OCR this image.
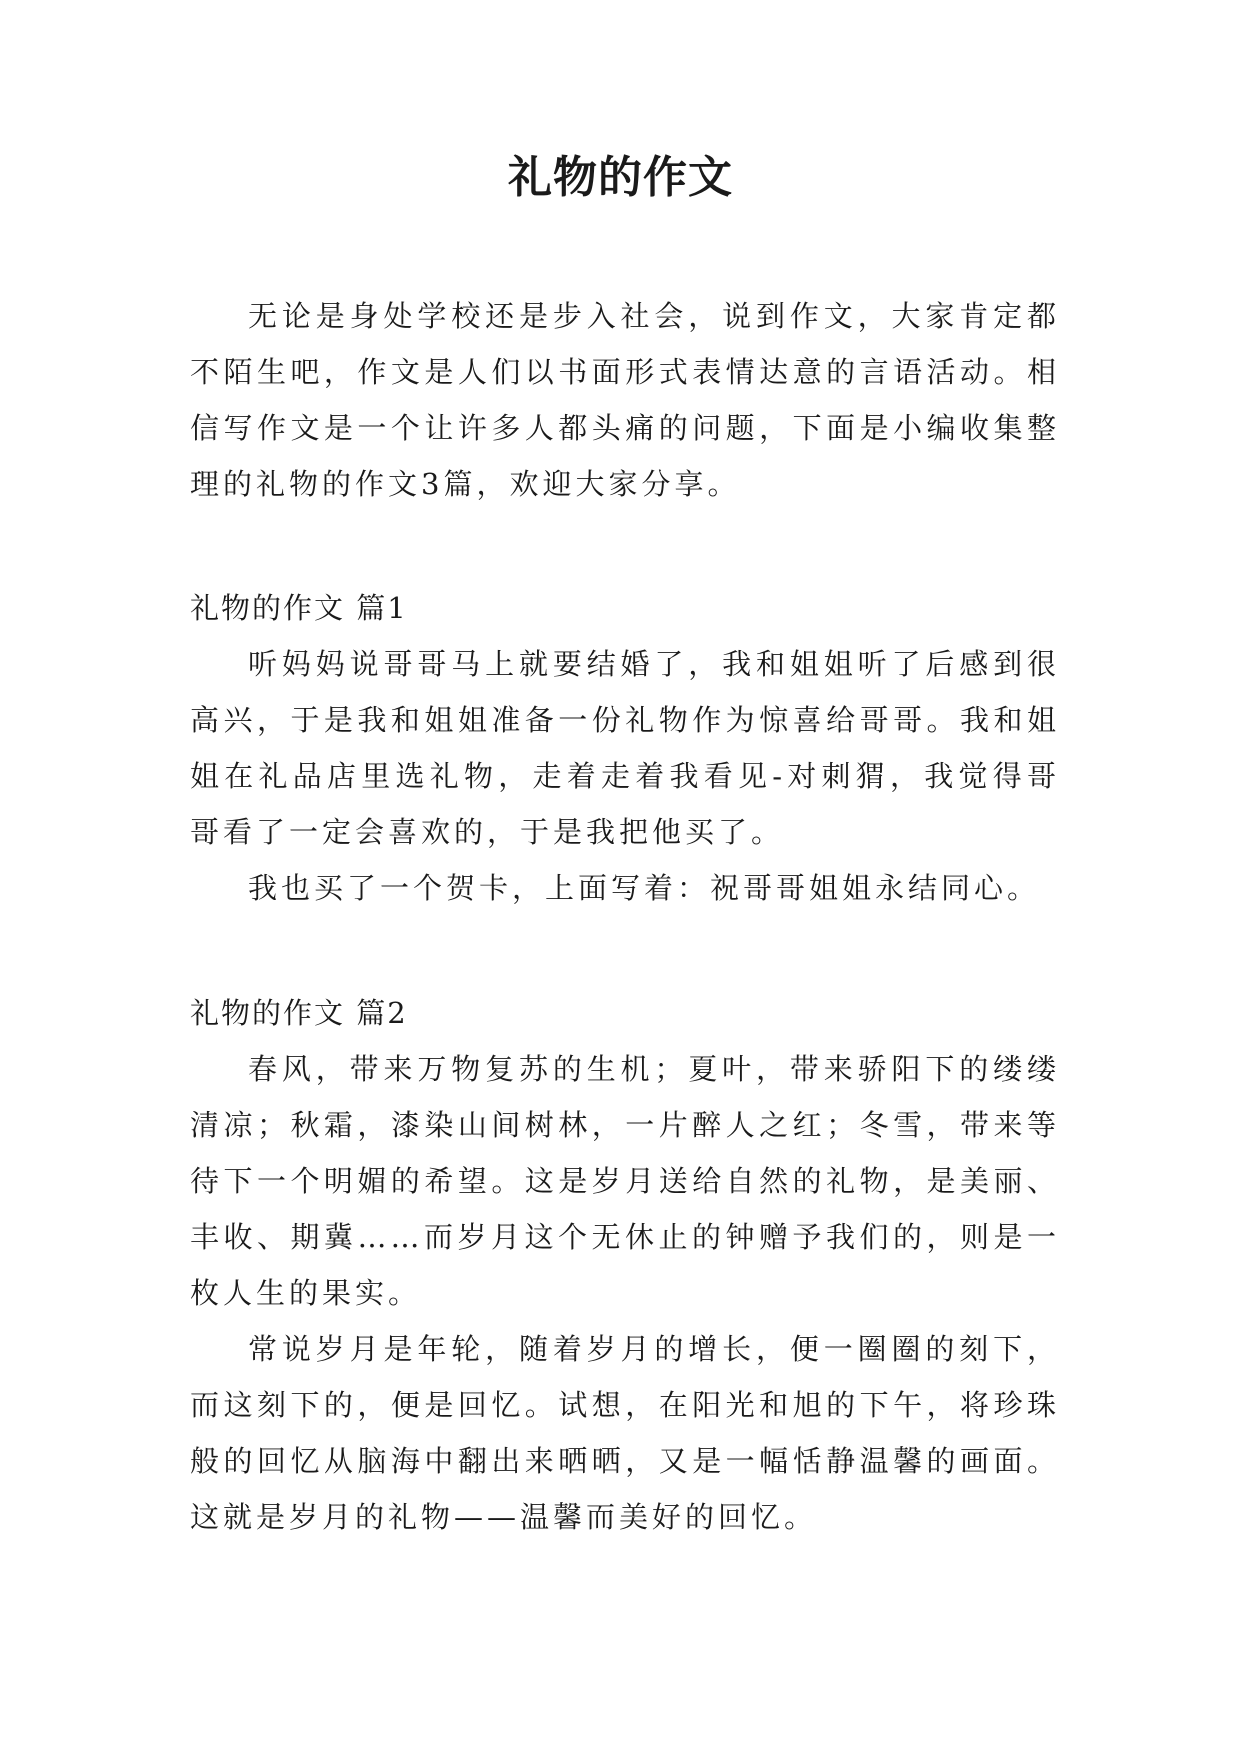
礼物的作文

无论是身处学校还是步入社会，说到作文，大家肯定都不陌生吧，作文是人们以书面形式表情达意的言语活动。相信写作文是一个让许多人都头痛的问题，下面是小编收集整理的礼物的作文3篇，欢迎大家分享。

礼物的作文 篇1

听妈妈说哥哥马上就要结婚了，我和姐姐听了后感到很高兴，于是我和姐姐准备一份礼物作为惊喜给哥哥。我和姐姐在礼品店里选礼物，走着走着我看见-对刺猬，我觉得哥哥看了一定会喜欢的，于是我把他买了。

我也买了一个贺卡，上面写着：祝哥哥姐姐永结同心。

礼物的作文 篇2

春风，带来万物复苏的生机；夏叶，带来骄阳下的缕缕清凉；秋霜，漆染山间树林，一片醉人之红；冬雪，带来等待下一个明媚的希望。这是岁月送给自然的礼物，是美丽、丰收、期冀……而岁月这个无休止的钟赠予我们的，则是一枚人生的果实。

常说岁月是年轮，随着岁月的增长，便一圈圈的刻下，而这刻下的，便是回忆。试想，在阳光和旭的下午，将珍珠般的回忆从脑海中翻出来晒晒，又是一幅恬静温馨的画面。这就是岁月的礼物——温馨而美好的回忆。
